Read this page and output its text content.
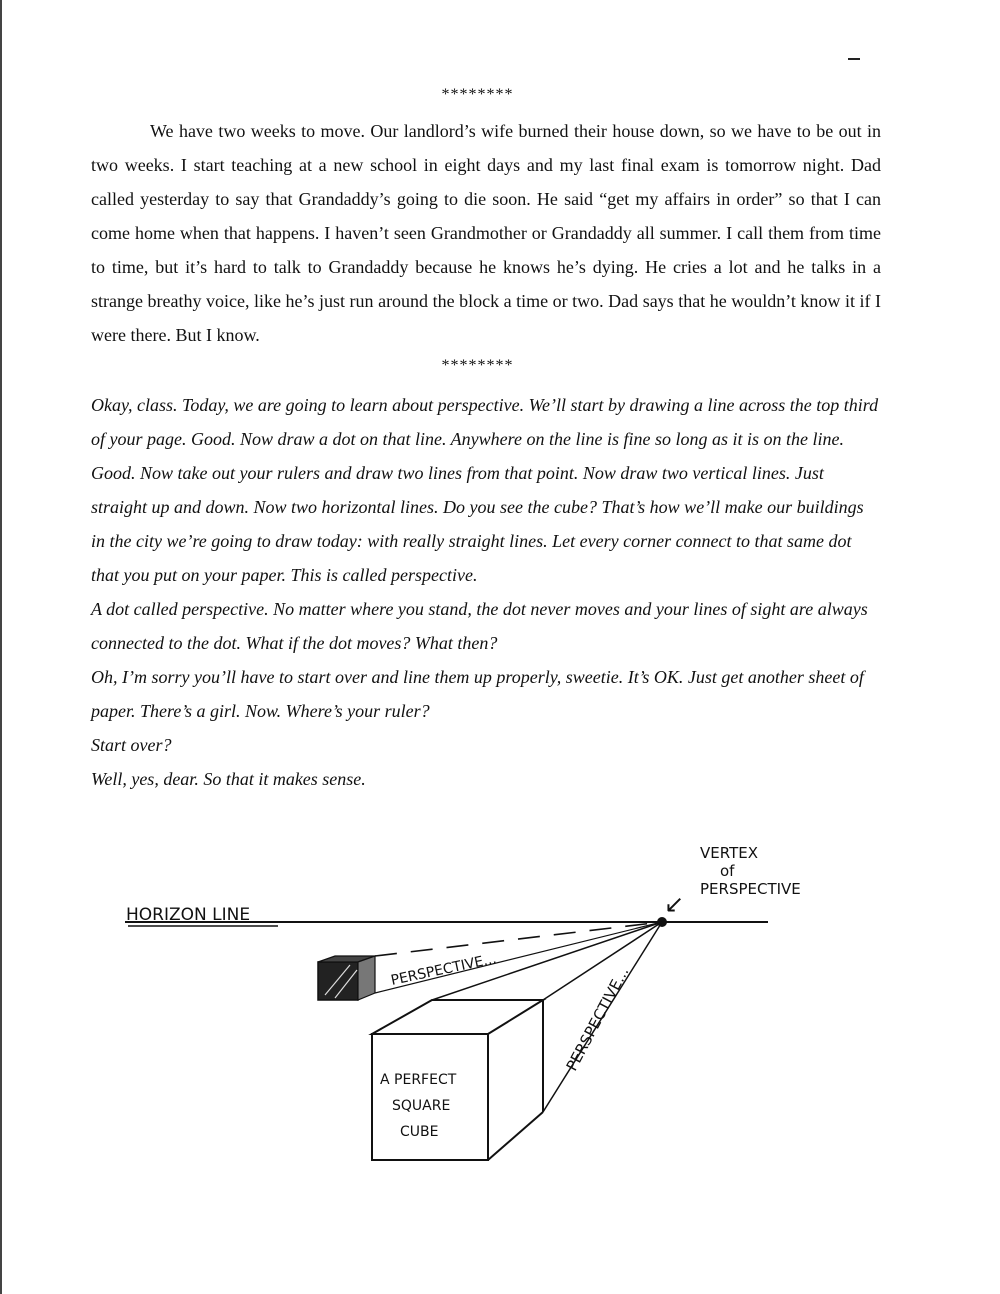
********

We have two weeks to move. Our landlord’s wife burned their house down, so we have to be out in two weeks. I start teaching at a new school in eight days and my last final exam is tomorrow night. Dad called yesterday to say that Grandaddy’s going to die soon. He said “get my affairs in order” so that I can come home when that happens. I haven’t seen Grandmother or Grandaddy all summer. I call them from time to time, but it’s hard to talk to Grandaddy because he knows he’s dying. He cries a lot and he talks in a strange breathy voice, like he’s just run around the block a time or two. Dad says that he wouldn’t know it if I were there. But I know.

********

Okay, class. Today, we are going to learn about perspective. We’ll start by drawing a line across the top third of your page. Good. Now draw a dot on that line. Anywhere on the line is fine so long as it is on the line. Good. Now take out your rulers and draw two lines from that point. Now draw two vertical lines. Just straight up and down. Now two horizontal lines. Do you see the cube? That’s how we’ll make our buildings in the city we’re going to draw today: with really straight lines. Let every corner connect to that same dot that you put on your paper. This is called perspective.

A dot called perspective. No matter where you stand, the dot never moves and your lines of sight are always connected to the dot. What if the dot moves? What then?

Oh, I’m sorry you’ll have to start over and line them up properly, sweetie. It’s OK. Just get another sheet of paper. There’s a girl. Now. Where’s your ruler?

Start over?

Well, yes, dear. So that it makes sense.

HORIZON LINE
VERTEX
of
PERSPECTIVE
↙
PERSPECTIVE...
A PERFECT
SQUARE
CUBE
PERSPECTIVE...
